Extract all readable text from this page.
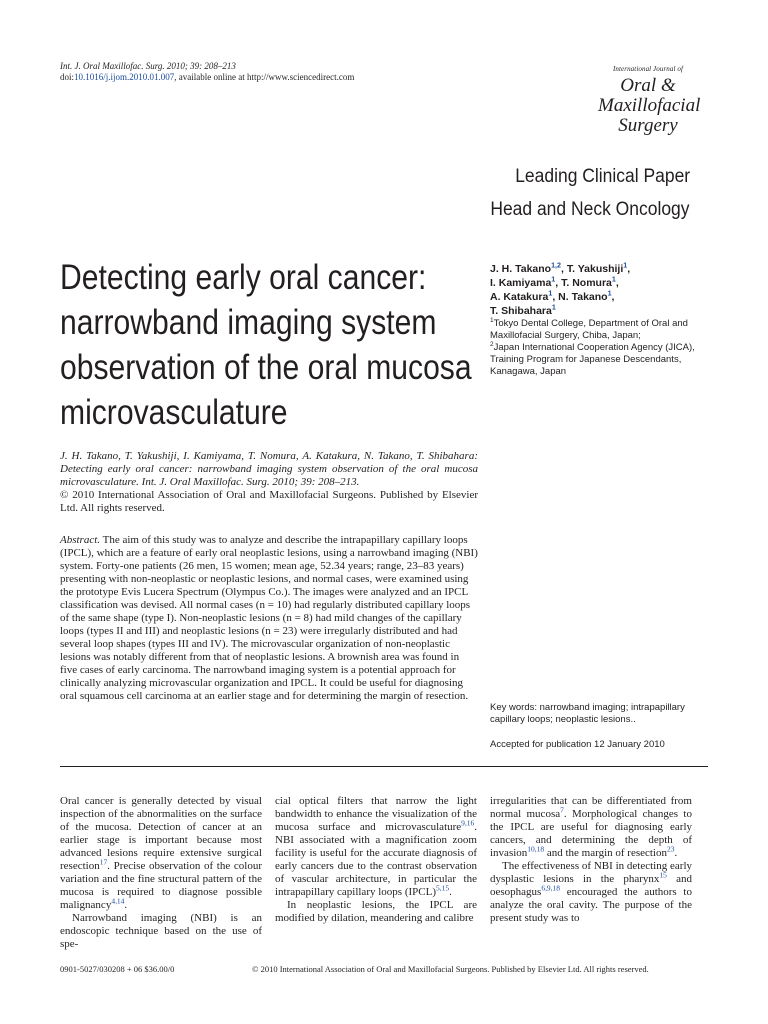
Int. J. Oral Maxillofac. Surg. 2010; 39: 208–213
doi:10.1016/j.ijom.2010.01.007, available online at http://www.sciencedirect.com
International Journal of
Oral &
Maxillofacial
Surgery
Leading Clinical Paper
Head and Neck Oncology
Detecting early oral cancer:
narrowband imaging system
observation of the oral mucosa
microvasculature
J. H. Takano$^{1,2}$, T. Yakushiji$^1$,
I. Kamiyama$^1$, T. Nomura$^1$,
A. Katakura$^1$, N. Takano$^1$,
T. Shibahara$^1$
$^1$Tokyo Dental College, Department of Oral and Maxillofacial Surgery, Chiba, Japan;
$^2$Japan International Cooperation Agency (JICA), Training Program for Japanese Descendants, Kanagawa, Japan
J. H. Takano, T. Yakushiji, I. Kamiyama, T. Nomura, A. Katakura, N. Takano, T. Shibahara: Detecting early oral cancer: narrowband imaging system observation of the oral mucosa microvasculature. Int. J. Oral Maxillofac. Surg. 2010; 39: 208–213.
© 2010 International Association of Oral and Maxillofacial Surgeons. Published by Elsevier Ltd. All rights reserved.
Abstract. The aim of this study was to analyze and describe the intrapapillary capillary loops (IPCL), which are a feature of early oral neoplastic lesions, using a narrowband imaging (NBI) system. Forty-one patients (26 men, 15 women; mean age, 52.34 years; range, 23–83 years) presenting with non-neoplastic or neoplastic lesions, and normal cases, were examined using the prototype Evis Lucera Spectrum (Olympus Co.). The images were analyzed and an IPCL classification was devised. All normal cases (n = 10) had regularly distributed capillary loops of the same shape (type I). Non-neoplastic lesions (n = 8) had mild changes of the capillary loops (types II and III) and neoplastic lesions (n = 23) were irregularly distributed and had several loop shapes (types III and IV). The microvascular organization of non-neoplastic lesions was notably different from that of neoplastic lesions. A brownish area was found in five cases of early carcinoma. The narrowband imaging system is a potential approach for clinically analyzing microvascular organization and IPCL. It could be useful for diagnosing oral squamous cell carcinoma at an earlier stage and for determining the margin of resection.
Key words: narrowband imaging; intrapapillary capillary loops; neoplastic lesions..
Accepted for publication 12 January 2010

Oral cancer is generally detected by visual inspection of the abnormalities on the surface of the mucosa. Detection of cancer at an earlier stage is important because most advanced lesions require extensive surgical resection$^{17}$. Precise observation of the colour variation and the fine structural pattern of the mucosa is required to diagnose possible malignancy$^{4,14}$.

Narrowband imaging (NBI) is an endoscopic technique based on the use of spe-

cial optical filters that narrow the light bandwidth to enhance the visualization of the mucosa surface and microvasculature$^{9,16}$. NBI associated with a magnification zoom facility is useful for the accurate diagnosis of early cancers due to the contrast observation of vascular architecture, in particular the intrapapillary capillary loops (IPCL)$^{5,15}$.

In neoplastic lesions, the IPCL are modified by dilation, meandering and calibre

irregularities that can be differentiated from normal mucosa$^7$. Morphological changes to the IPCL are useful for diagnosing early cancers, and determining the depth of invasion$^{10,18}$ and the margin of resection$^{23}$.

The effectiveness of NBI in detecting early dysplastic lesions in the pharynx$^{15}$ and oesophagus$^{6,9,18}$ encouraged the authors to analyze the oral cavity. The purpose of the present study was to

0901-5027/030208 + 06 $36.00/0	© 2010 International Association of Oral and Maxillofacial Surgeons. Published by Elsevier Ltd. All rights reserved.
